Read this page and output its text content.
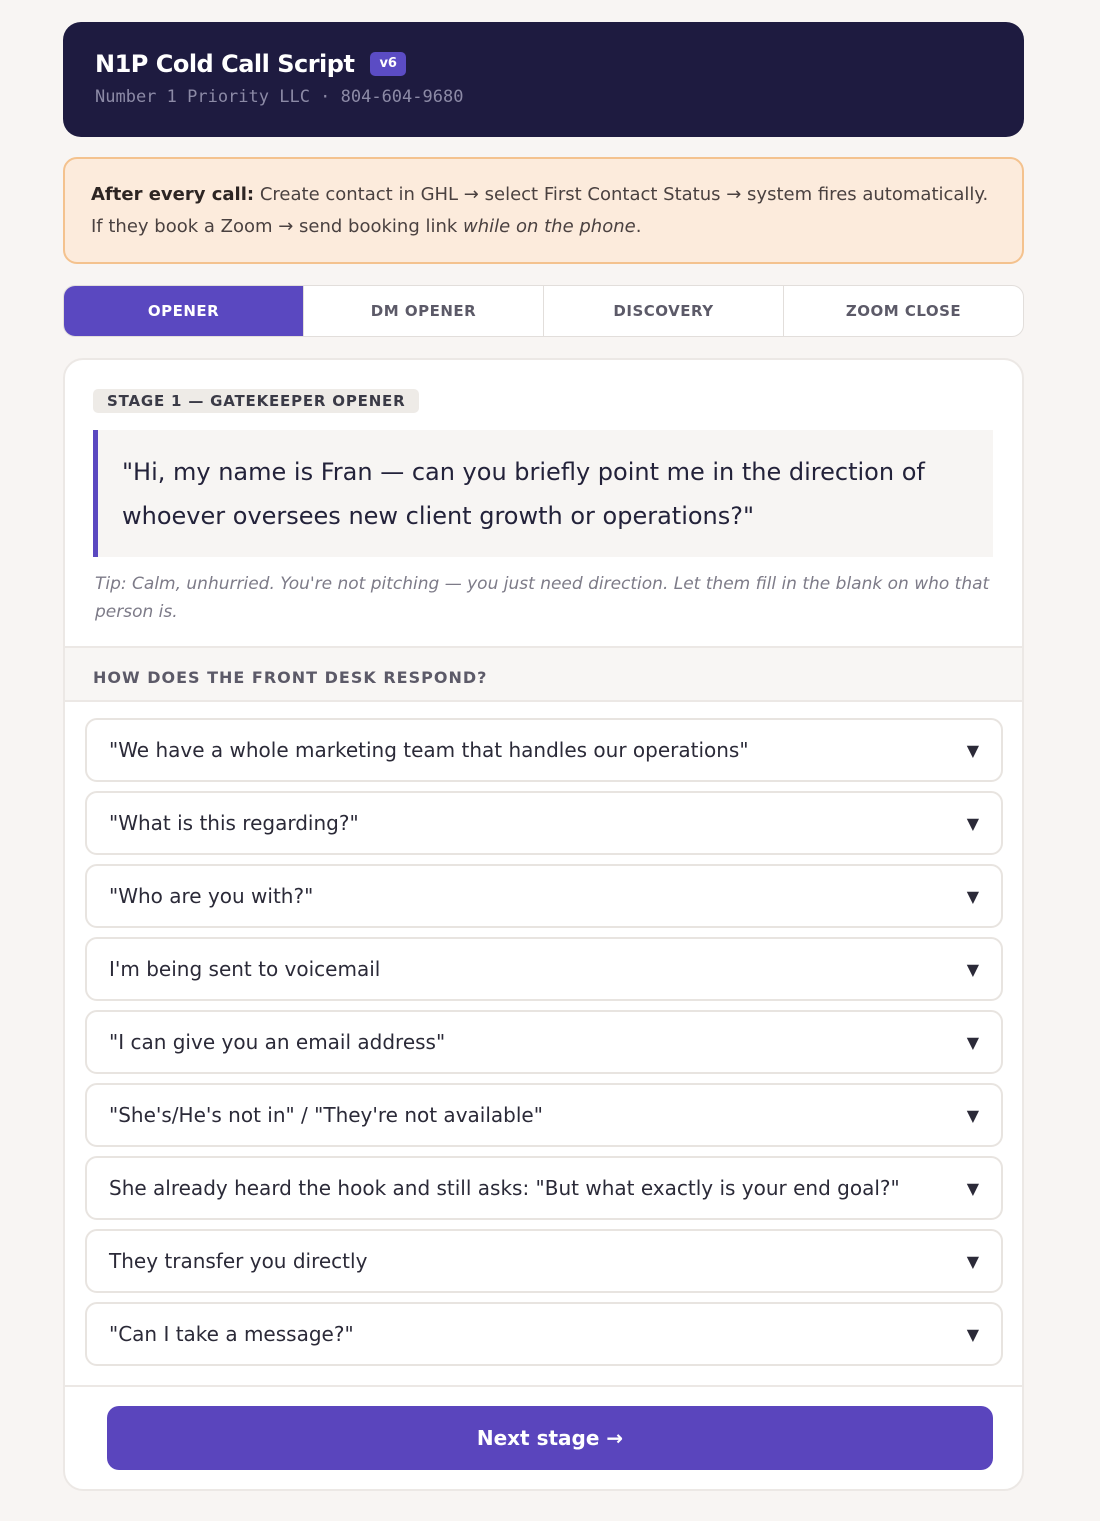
N1P Cold Call Script	v6
Number 1 Priority LLC · 804-604-9680
After every call: Create contact in GHL → select First Contact Status → system fires automatically. If they book a Zoom → send booking link while on the phone.
OPENER	DM OPENER	DISCOVERY	ZOOM CLOSE
STAGE 1 — GATEKEEPER OPENER
"Hi, my name is Fran — can you briefly point me in the direction of whoever oversees new client growth or operations?"
Tip: Calm, unhurried. You're not pitching — you just need direction. Let them fill in the blank on who that person is.
HOW DOES THE FRONT DESK RESPOND?
"We have a whole marketing team that handles our operations"	▼
"What is this regarding?"	▼
"Who are you with?"	▼
I'm being sent to voicemail	▼
"I can give you an email address"	▼
"She's/He's not in" / "They're not available"	▼
She already heard the hook and still asks: "But what exactly is your end goal?"	▼
They transfer you directly	▼
"Can I take a message?"	▼
Next stage →
